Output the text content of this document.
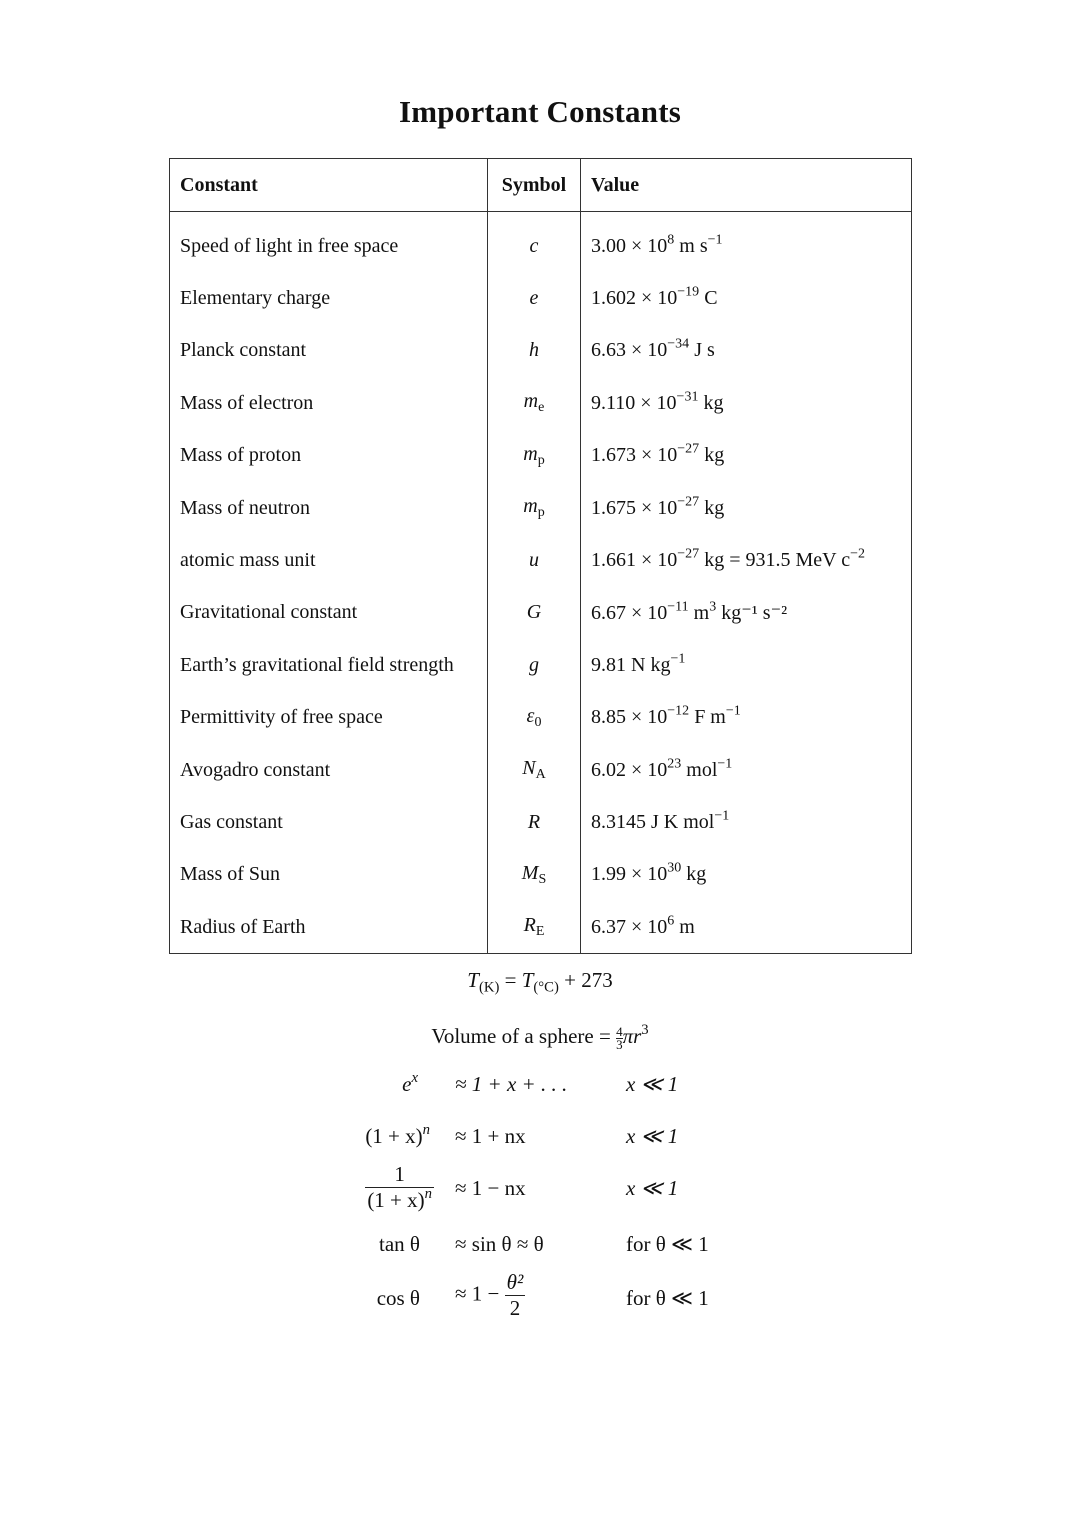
Important Constants
Constant	Symbol	Value
Speed of light in free space	c	$3.00 \times 10^8$ m $s^{-1}$
Elementary charge	e	$1.602 \times 10^{-19}$ C
Planck constant	h	$6.63 \times 10^{-34}$ J s
Mass of electron	$m_e$	$9.110 \times 10^{-31}$ kg
Mass of proton	$m_p$	$1.673 \times 10^{-27}$ kg
Mass of neutron	$m_p$	$1.675 \times 10^{-27}$ kg
atomic mass unit	u	$1.661 \times 10^{-27}$ kg = 931.5 MeV $c^{-2}$
Gravitational constant	G	$6.67 \times 10^{-11}$ $m^3$ kg⁻¹ s⁻²
Earth’s gravitational field strength	g	9.81 N $kg^{-1}$
Permittivity of free space	$\varepsilon_0$	$8.85 \times 10^{-12}$ F $m^{-1}$
Avogadro constant	$N_A$	$6.02 \times 10^{23}$ mol$^{-1}$
Gas constant	R	8.3145 J K mol$^{-1}$
Mass of Sun	$M_S$	$1.99 \times 10^{30}$ kg
Radius of Earth	$R_E$	$6.37 \times 10^6$ m
$T_{(K)} = T_{(^\circ C)} + 273$
Volume of a sphere = $\frac{4}{3}\pi r^3$
$e^x \approx 1 + x$ + . . .	x ≪ 1
$(1 + x)^n \approx 1$ + nx	x ≪ 1
$\frac{1}{(1 + x)^n} \approx 1$ − nx	x ≪ 1
tan θ ≈ sin θ ≈ θ	for θ ≪ 1
$\cos \theta \approx 1 - \frac{\text{θ²}}{2}$	for θ ≪ 1
